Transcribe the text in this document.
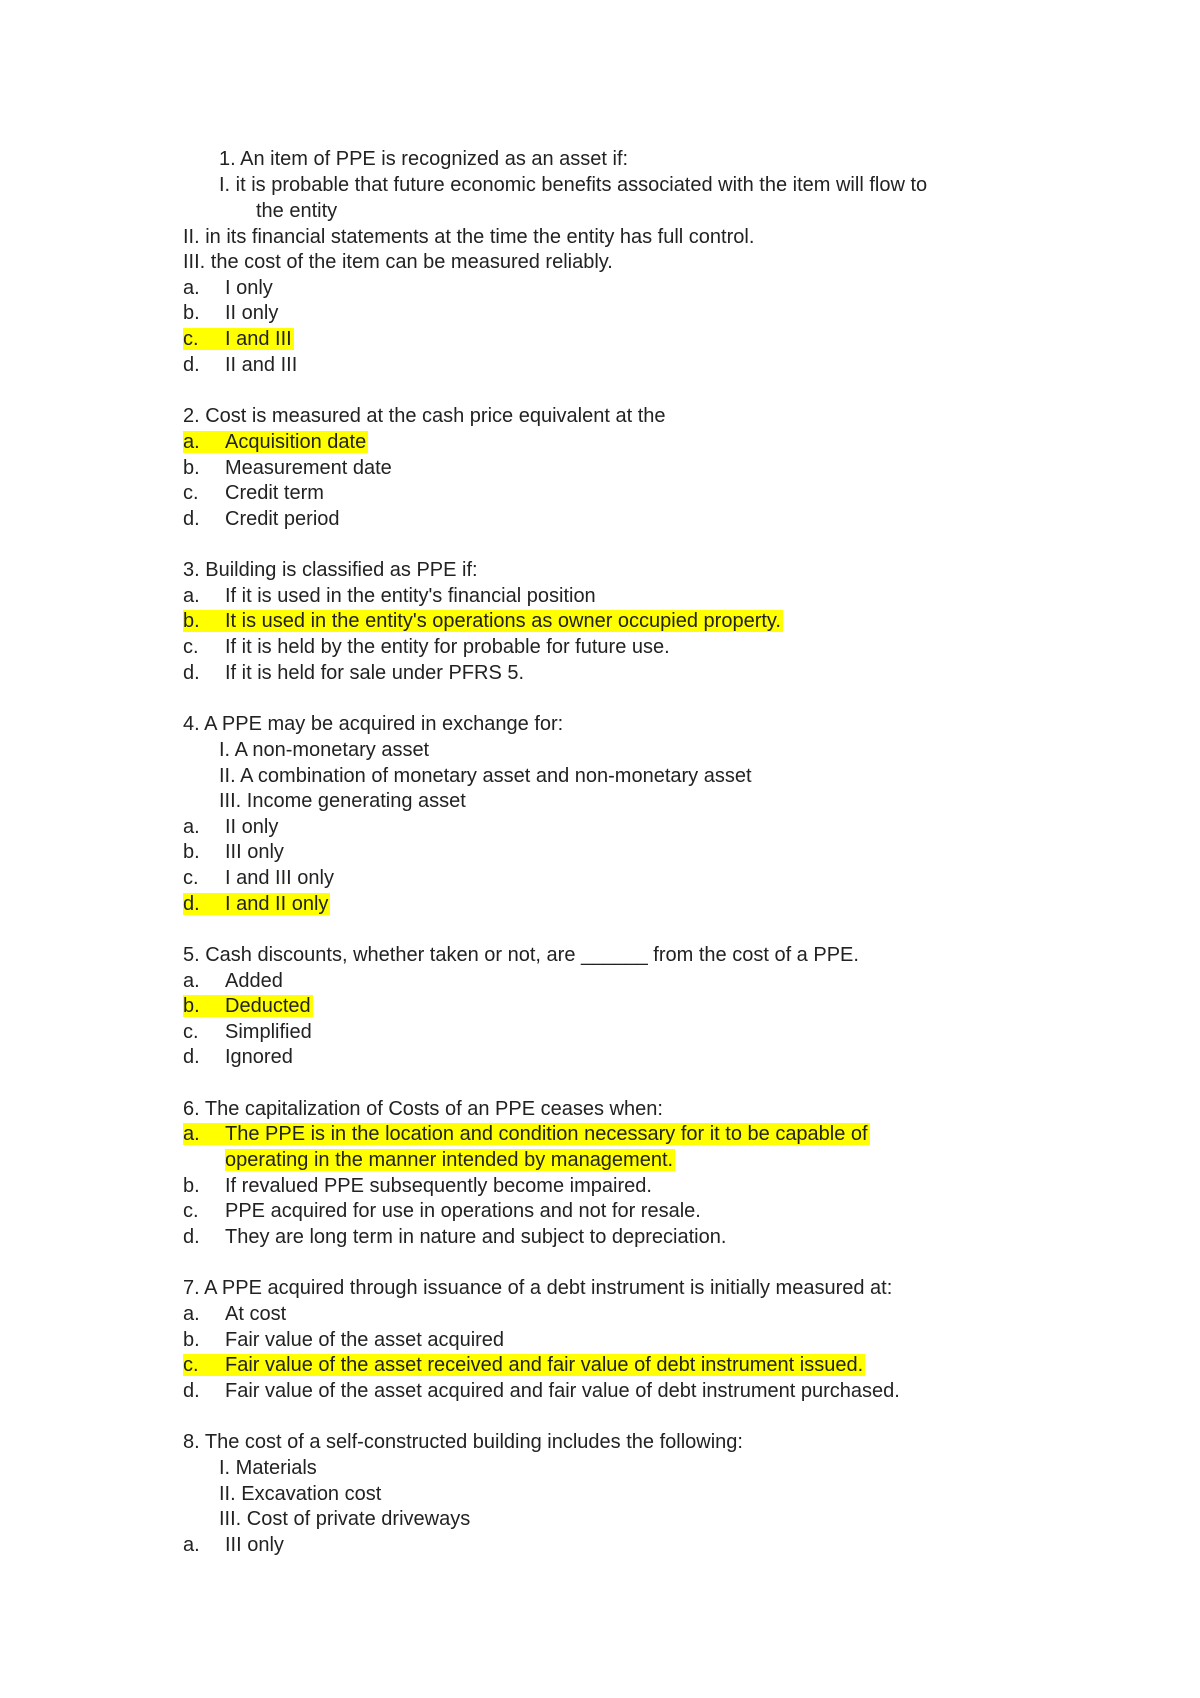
1. An item of PPE is recognized as an asset if:
I. it is probable that future economic benefits associated with the item will flow to
the entity
II. in its financial statements at the time the entity has full control.
III. the cost of the item can be measured reliably.
a. I only
b. II only
c. I and III
d. II and III
2. Cost is measured at the cash price equivalent at the
a. Acquisition date
b. Measurement date
c. Credit term
d. Credit period
3. Building is classified as PPE if:
a. If it is used in the entity's financial position
b. It is used in the entity's operations as owner occupied property.
c. If it is held by the entity for probable for future use.
d. If it is held for sale under PFRS 5.
4. A PPE may be acquired in exchange for:
I. A non-monetary asset
II. A combination of monetary asset and non-monetary asset
III. Income generating asset
a. II only
b. III only
c. I and III only
d. I and II only
5. Cash discounts, whether taken or not, are ______ from the cost of a PPE.
a. Added
b. Deducted
c. Simplified
d. Ignored
6. The capitalization of Costs of an PPE ceases when:
a. The PPE is in the location and condition necessary for it to be capable of
operating in the manner intended by management.
b. If revalued PPE subsequently become impaired.
c. PPE acquired for use in operations and not for resale.
d. They are long term in nature and subject to depreciation.
7. A PPE acquired through issuance of a debt instrument is initially measured at:
a. At cost
b. Fair value of the asset acquired
c. Fair value of the asset received and fair value of debt instrument issued.
d. Fair value of the asset acquired and fair value of debt instrument purchased.
8. The cost of a self-constructed building includes the following:
I. Materials
II. Excavation cost
III. Cost of private driveways
a. III only
